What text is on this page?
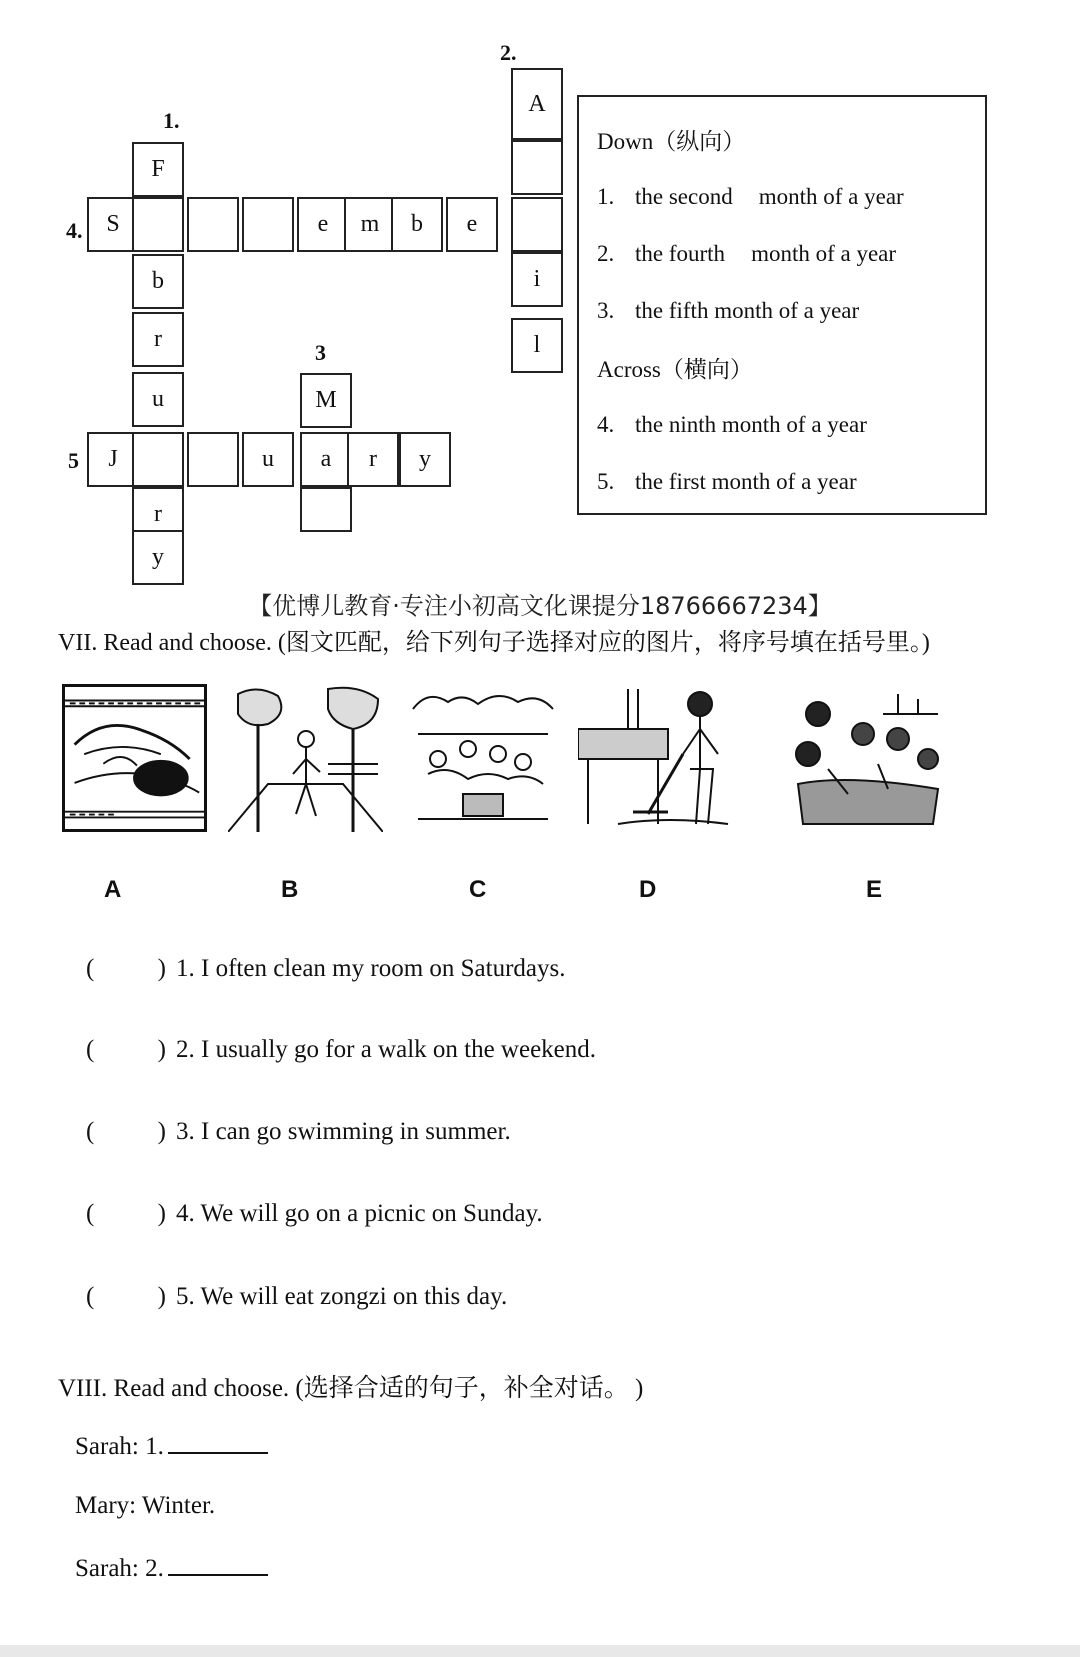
1.
2.
3
4.
5
F
b
r
u
r
y
S	e	m	b	e
A
i
l
M
J	u	a	r	y
Down（纵向）
1. the second month of a year
2. the fourth month of a year
3. the fifth month of a year
Across（横向）
4. the ninth month of a year
5. the first month of a year
【优博儿教育·专注小初高文化课提分18766667234】
VII. Read and choose. (图文匹配，给下列句子选择对应的图片，将序号填在括号里。)
A	B	C	D	E
(	) 1. I often clean my room on Saturdays.
(	) 2. I usually go for a walk on the weekend.
(	) 3. I can go swimming in summer.
(	) 4. We will go on a picnic on Sunday.
(	) 5. We will eat zongzi on this day.
VIII. Read and choose. (选择合适的句子，补全对话。 )
Sarah: 1.
Mary: Winter.
Sarah: 2.
